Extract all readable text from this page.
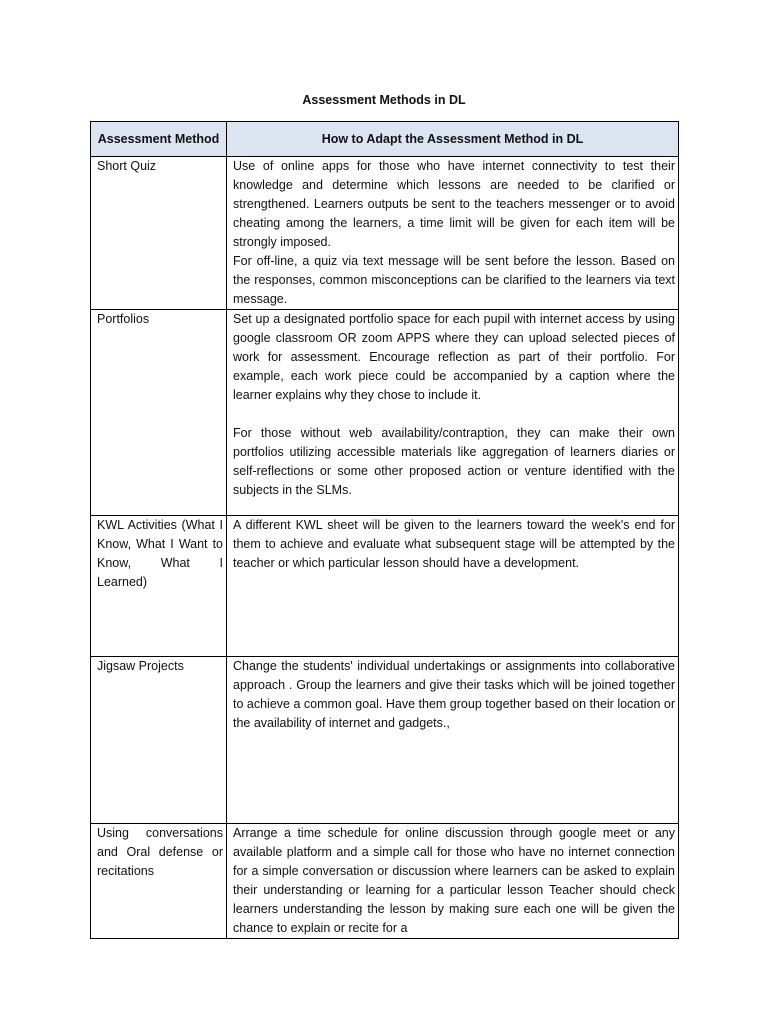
Assessment Methods in DL
Assessment Method	How to Adapt the Assessment Method in DL
Short Quiz	Use of online apps for those who have internet connectivity to test their knowledge and determine which lessons are needed to be clarified or strengthened. Learners outputs be sent to the teachers messenger or to avoid cheating among the learners, a time limit will be given for each item will be strongly imposed.
For off-line, a quiz via text message will be sent before the lesson. Based on the responses, common misconceptions can be clarified to the learners via text message.

Portfolios	Set up a designated portfolio space for each pupil with internet access by using google classroom OR zoom APPS where they can upload selected pieces of work for assessment. Encourage reflection as part of their portfolio. For example, each work piece could be accompanied by a caption where the learner explains why they chose to include it.
For those without web availability/contraption, they can make their own portfolios utilizing accessible materials like aggregation of learners diaries or self-reflections or some other proposed action or venture identified with the subjects in the SLMs.

KWL Activities (What I Know, What I Want to Know, What I Learned)	A different KWL sheet will be given to the learners toward the week's end for them to achieve and evaluate what subsequent stage will be attempted by the teacher or which particular lesson should have a development.

Jigsaw Projects	Change the students' individual undertakings or assignments into collaborative approach . Group the learners and give their tasks which will be joined together to achieve a common goal. Have them group together based on their location or the availability of internet and gadgets.,

Using conversations and Oral defense or recitations	Arrange a time schedule for online discussion through google meet or any available platform and a simple call for those who have no internet connection for a simple conversation or discussion where learners can be asked to explain their understanding or learning for a particular lesson Teacher should check learners understanding the lesson by making sure each one will be given the chance to explain or recite for a
